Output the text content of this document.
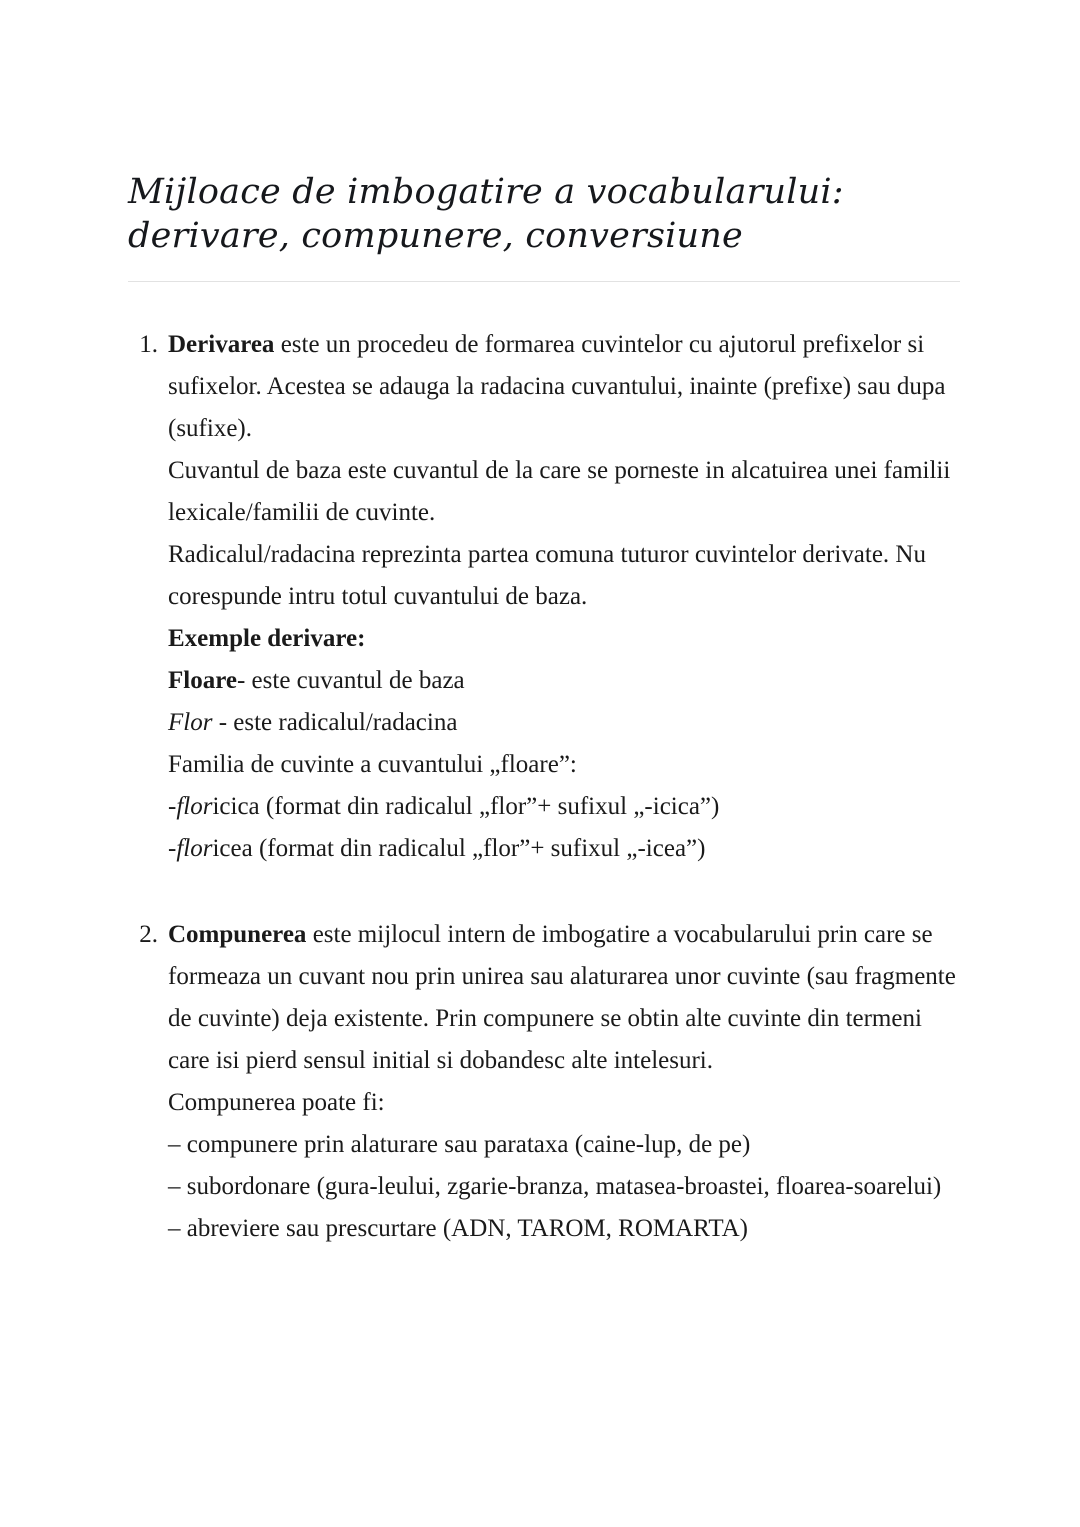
Mijloace de imbogatire a vocabularului: derivare, compunere, conversiune
Derivarea este un procedeu de formarea cuvintelor cu ajutorul prefixelor si sufixelor. Acestea se adauga la radacina cuvantului, inainte (prefixe) sau dupa (sufixe).
Cuvantul de baza este cuvantul de la care se porneste in alcatuirea unei familii lexicale/familii de cuvinte.
Radicalul/radacina reprezinta partea comuna tuturor cuvintelor derivate. Nu corespunde intru totul cuvantului de baza.
Exemple derivare:
Floare- este cuvantul de baza
Flor - este radicalul/radacina
Familia de cuvinte a cuvantului „floare”:
-floricica (format din radicalul „flor”+ sufixul „-icica”)
-floricea (format din radicalul „flor”+ sufixul „-icea”)
Compunerea este mijlocul intern de imbogatire a vocabularului prin care se formeaza un cuvant nou prin unirea sau alaturarea unor cuvinte (sau fragmente de cuvinte) deja existente. Prin compunere se obtin alte cuvinte din termeni care isi pierd sensul initial si dobandesc alte intelesuri.
Compunerea poate fi:
– compunere prin alaturare sau parataxa (caine-lup, de pe)
– subordonare (gura-leului, zgarie-branza, matasea-broastei, floarea-soarelui)
– abreviere sau prescurtare (ADN, TAROM, ROMARTA)
